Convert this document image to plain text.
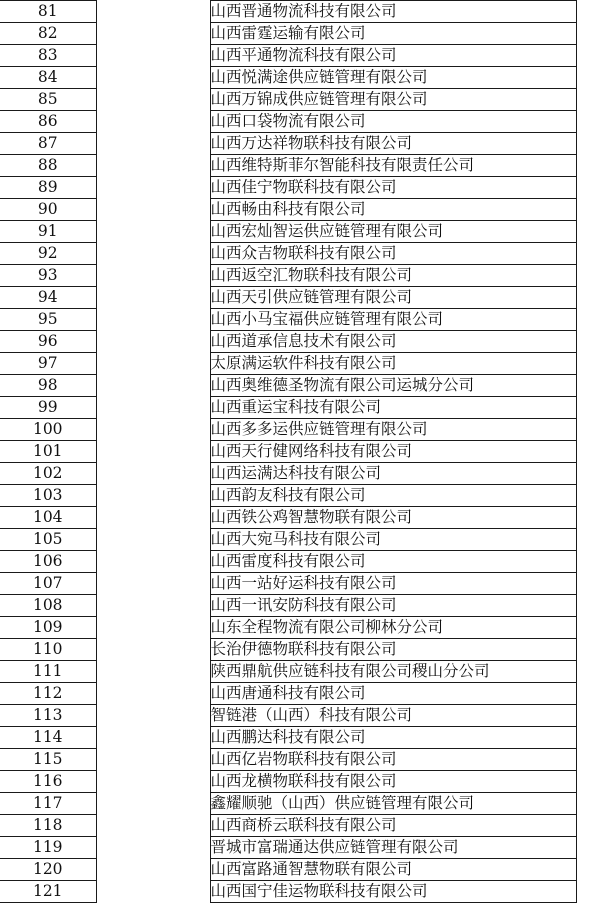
81		山西晋通物流科技有限公司
82		山西雷霆运输有限公司
83		山西平通物流科技有限公司
84		山西悦满途供应链管理有限公司
85		山西万锦成供应链管理有限公司
86		山西口袋物流有限公司
87		山西万达祥物联科技有限公司
88		山西维特斯菲尔智能科技有限责任公司
89		山西佳宁物联科技有限公司
90		山西畅由科技有限公司
91		山西宏灿智运供应链管理有限公司
92		山西众吉物联科技有限公司
93		山西返空汇物联科技有限公司
94		山西天引供应链管理有限公司
95		山西小马宝福供应链管理有限公司
96		山西道承信息技术有限公司
97		太原满运软件科技有限公司
98		山西奥维德圣物流有限公司运城分公司
99		山西重运宝科技有限公司
100		山西多多运供应链管理有限公司
101		山西天行健网络科技有限公司
102		山西运满达科技有限公司
103		山西韵友科技有限公司
104		山西铁公鸡智慧物联有限公司
105		山西大宛马科技有限公司
106		山西雷度科技有限公司
107		山西一站好运科技有限公司
108		山西一讯安防科技有限公司
109		山东全程物流有限公司柳林分公司
110		长治伊德物联科技有限公司
111		陕西鼎航供应链科技有限公司稷山分公司
112		山西唐通科技有限公司
113		智链港（山西）科技有限公司
114		山西鹏达科技有限公司
115		山西亿岩物联科技有限公司
116		山西龙横物联科技有限公司
117		鑫耀顺驰（山西）供应链管理有限公司
118		山西商桥云联科技有限公司
119		晋城市富瑞通达供应链管理有限公司
120		山西富路通智慧物联有限公司
121		山西国宁佳运物联科技有限公司
